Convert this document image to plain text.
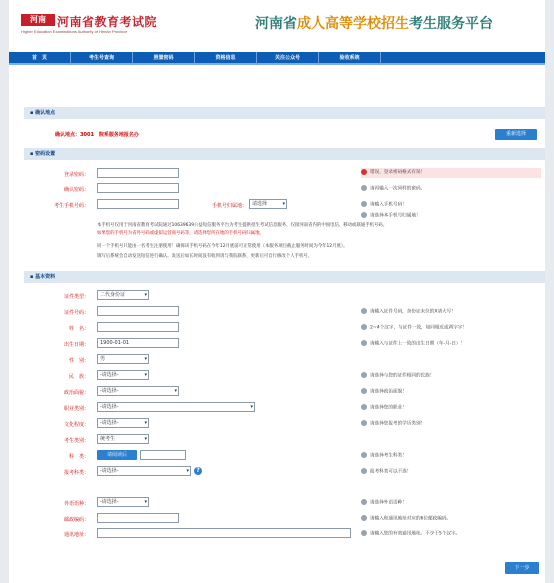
河南 河南省教育考试院
Higher Education Examinations Authority of Henan Province	河南省成人高等学校招生考生服务平台
首　页	考生号查询	照置密码	资格信息	关注公众号	验收系统
▪ 确认地点
确认地点：3001　院系服务地报名办	重新选择
▪ 密码设置
登录密码：	错误，登录密码格式有误！
确认密码：	请再输入一次同样的密码。
考生手机号码：	手机号归属地：	请选择	▾	请输入手机号码！
请选择本手机号归属地！
本手机号仅用于河南省教育考试院通过10639639公益短信服务平台为考生提供招生考试信息服务，仅接河南省内的中国电信、移动或联通手机号码。
如果您的手机号为省外号码或虚拟运营商号码等，请选择您所在地的手机号码归属地。
同一个手机号只能由一名考生注册使用！确保该手机号码在今年12月底前可正常使用（本服务项目截止服务时间为今年12月底）。
填写后系统会自动发送短信进行确认。发送后如长时间没有收到请与我院联系，更新后可自行修改个人手机号。
▪ 基本资料
证件类型：	二代身份证	▾
证件号码：	请输入证件号码，身份证末位的X请大写！
姓　名：	2~4个汉字，与证件一致，如同相近或两字字！
出生日期：	1900-01-01	请输入与证件上一致的出生日期（年-月-日）！
性　别：	男	▾
民　族：	-请选择-	▾	请选择与您的证件相同的民族！
政治面貌：	-请选择-	▾	请选择政治面貌！
职业类别：	-请选择-	▾	请选择您的职业！
文化程度：	-请选择-	▾	请选择您报考的学历类别！
考生类别：	统考生	▾
科　类：	请阅读后	请选择考生科类！
报考科类：	-请选择-	▾	?	报考科类可以不选！
外语语种：	-请选择-	▾	请选择外语语种！
邮政编码：	请输入和通讯地址对应的6位邮政编码。
通讯地址：	请输入您的有效通讯地址。不少于5个汉字。
下一步
